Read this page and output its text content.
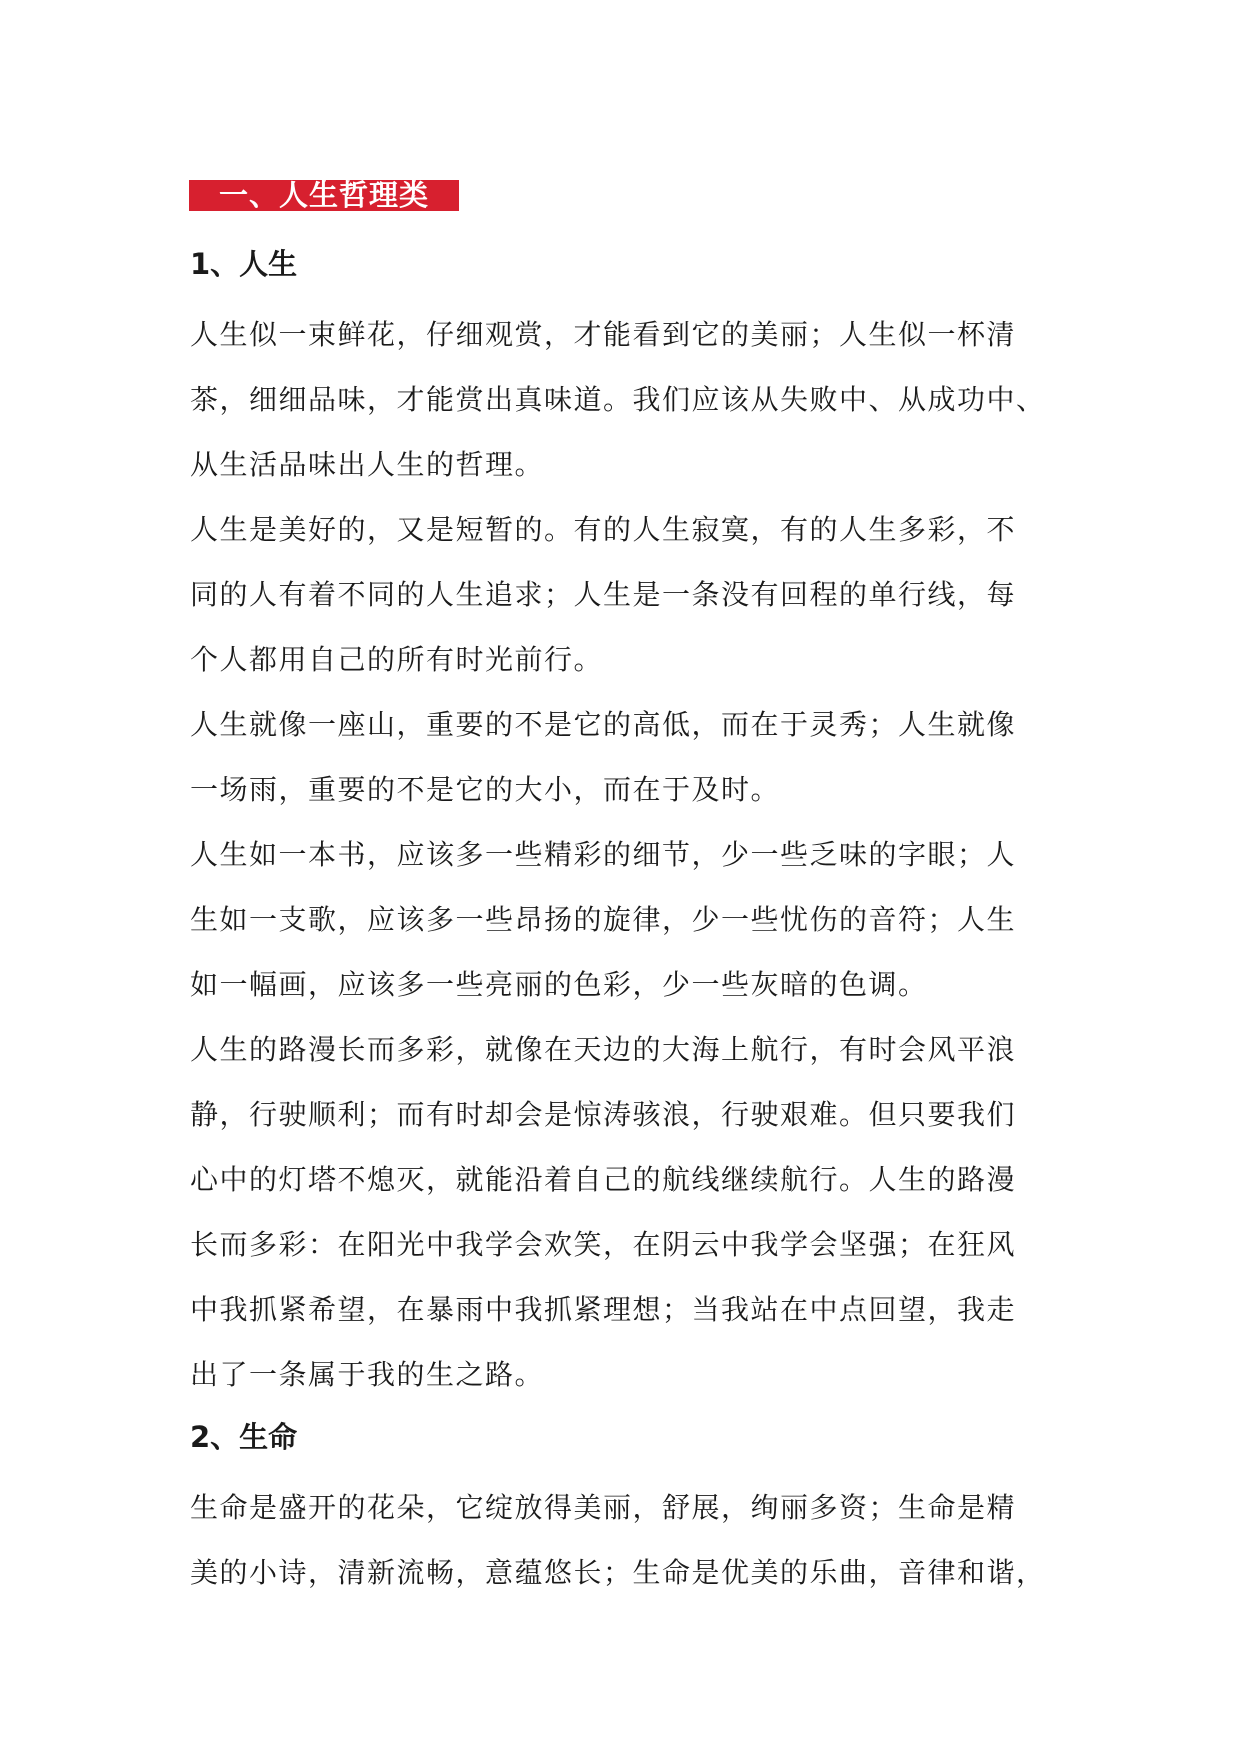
一、人生哲理类
1、人生

人生似一束鲜花，仔细观赏，才能看到它的美丽；人生似一杯清
茶，细细品味，才能赏出真味道。我们应该从失败中、从成功中、
从生活品味出人生的哲理。

人生是美好的，又是短暂的。有的人生寂寞，有的人生多彩，不
同的人有着不同的人生追求；人生是一条没有回程的单行线，每
个人都用自己的所有时光前行。

人生就像一座山，重要的不是它的高低，而在于灵秀；人生就像
一场雨，重要的不是它的大小，而在于及时。

人生如一本书，应该多一些精彩的细节，少一些乏味的字眼；人
生如一支歌，应该多一些昂扬的旋律，少一些忧伤的音符；人生
如一幅画，应该多一些亮丽的色彩，少一些灰暗的色调。

人生的路漫长而多彩，就像在天边的大海上航行，有时会风平浪
静，行驶顺利；而有时却会是惊涛骇浪，行驶艰难。但只要我们
心中的灯塔不熄灭，就能沿着自己的航线继续航行。人生的路漫
长而多彩：在阳光中我学会欢笑，在阴云中我学会坚强；在狂风
中我抓紧希望，在暴雨中我抓紧理想；当我站在中点回望，我走
出了一条属于我的生之路。

2、生命

生命是盛开的花朵，它绽放得美丽，舒展，绚丽多资；生命是精
美的小诗，清新流畅，意蕴悠长；生命是优美的乐曲，音律和谐，
